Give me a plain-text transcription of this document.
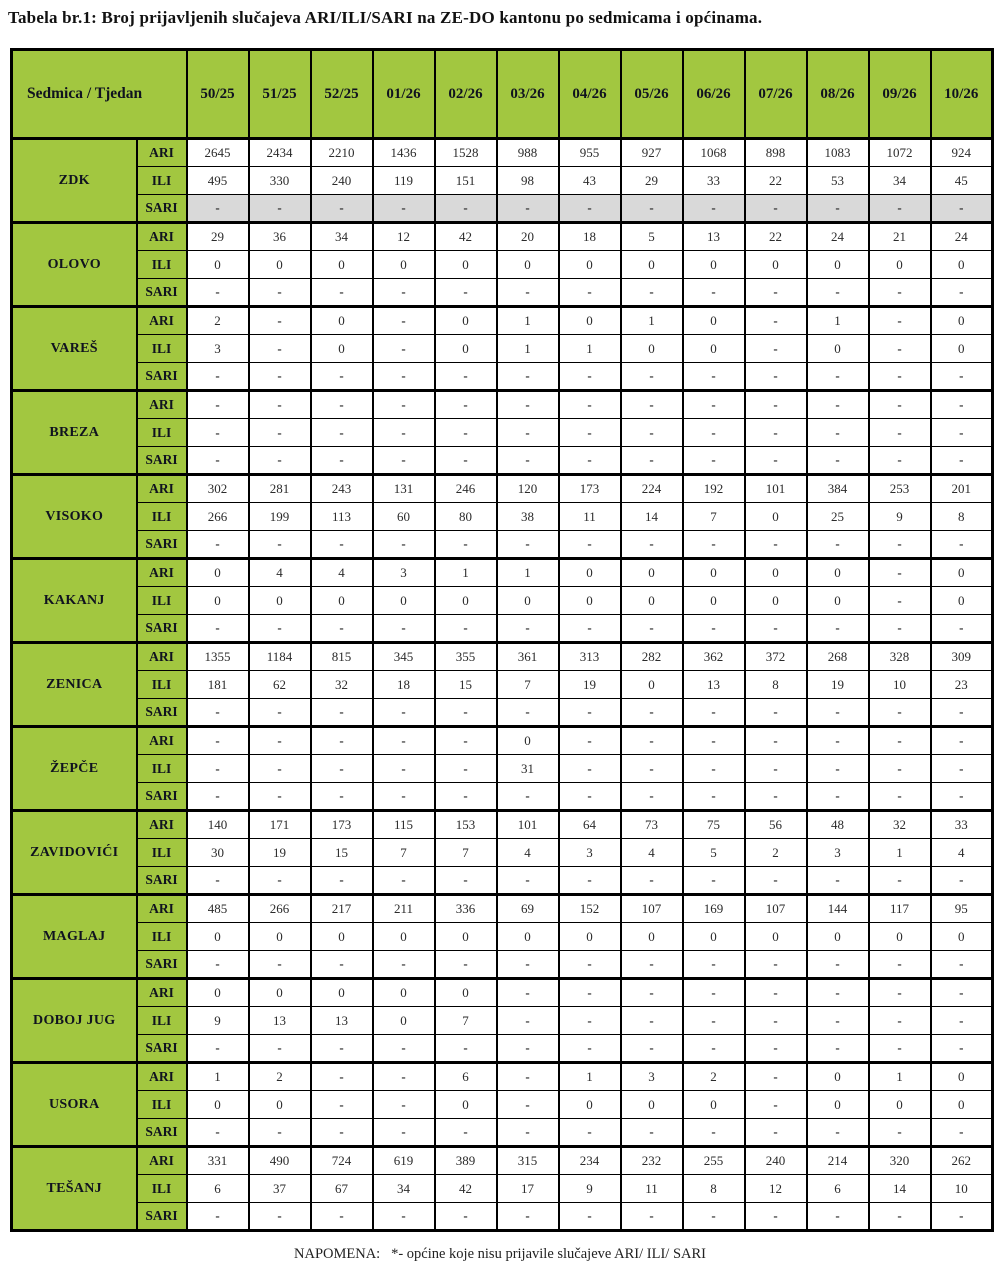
Tabela br.1: Broj prijavljenih slučajeva ARI/ILI/SARI na ZE-DO kantonu po sedmicama i općinama.
Sedmica / Tjedan		50/25	51/25	52/25	01/26	02/26	03/26	04/26	05/26	06/26	07/26	08/26	09/26	10/26
ZDK	ARI	2645	2434	2210	1436	1528	988	955	927	1068	898	1083	1072	924
	ILI	495	330	240	119	151	98	43	29	33	22	53	34	45
	SARI	-	-	-	-	-	-	-	-	-	-	-	-	-
OLOVO	ARI	29	36	34	12	42	20	18	5	13	22	24	21	24
	ILI	0	0	0	0	0	0	0	0	0	0	0	0	0
	SARI	-	-	-	-	-	-	-	-	-	-	-	-	-
VAREŠ	ARI	2	-	0	-	0	1	0	1	0	-	1	-	0
	ILI	3	-	0	-	0	1	1	0	0	-	0	-	0
	SARI	-	-	-	-	-	-	-	-	-	-	-	-	-
BREZA	ARI	-	-	-	-	-	-	-	-	-	-	-	-	-
	ILI	-	-	-	-	-	-	-	-	-	-	-	-	-
	SARI	-	-	-	-	-	-	-	-	-	-	-	-	-
VISOKO	ARI	302	281	243	131	246	120	173	224	192	101	384	253	201
	ILI	266	199	113	60	80	38	11	14	7	0	25	9	8
	SARI	-	-	-	-	-	-	-	-	-	-	-	-	-
KAKANJ	ARI	0	4	4	3	1	1	0	0	0	0	0	-	0
	ILI	0	0	0	0	0	0	0	0	0	0	0	-	0
	SARI	-	-	-	-	-	-	-	-	-	-	-	-	-
ZENICA	ARI	1355	1184	815	345	355	361	313	282	362	372	268	328	309
	ILI	181	62	32	18	15	7	19	0	13	8	19	10	23
	SARI	-	-	-	-	-	-	-	-	-	-	-	-	-
ŽEPČE	ARI	-	-	-	-	-	0	-	-	-	-	-	-	-
	ILI	-	-	-	-	-	31	-	-	-	-	-	-	-
	SARI	-	-	-	-	-	-	-	-	-	-	-	-	-
ZAVIDOVIĆI	ARI	140	171	173	115	153	101	64	73	75	56	48	32	33
	ILI	30	19	15	7	7	4	3	4	5	2	3	1	4
	SARI	-	-	-	-	-	-	-	-	-	-	-	-	-
MAGLAJ	ARI	485	266	217	211	336	69	152	107	169	107	144	117	95
	ILI	0	0	0	0	0	0	0	0	0	0	0	0	0
	SARI	-	-	-	-	-	-	-	-	-	-	-	-	-
DOBOJ JUG	ARI	0	0	0	0	0	-	-	-	-	-	-	-	-
	ILI	9	13	13	0	7	-	-	-	-	-	-	-	-
	SARI	-	-	-	-	-	-	-	-	-	-	-	-	-
USORA	ARI	1	2	-	-	6	-	1	3	2	-	0	1	0
	ILI	0	0	-	-	0	-	0	0	0	-	0	0	0
	SARI	-	-	-	-	-	-	-	-	-	-	-	-	-
TEŠANJ	ARI	331	490	724	619	389	315	234	232	255	240	214	320	262
	ILI	6	37	67	34	42	17	9	11	8	12	6	14	10
	SARI	-	-	-	-	-	-	-	-	-	-	-	-	-
NAPOMENA:   *- općine koje nisu prijavile slučajeve ARI/ ILI/ SARI
